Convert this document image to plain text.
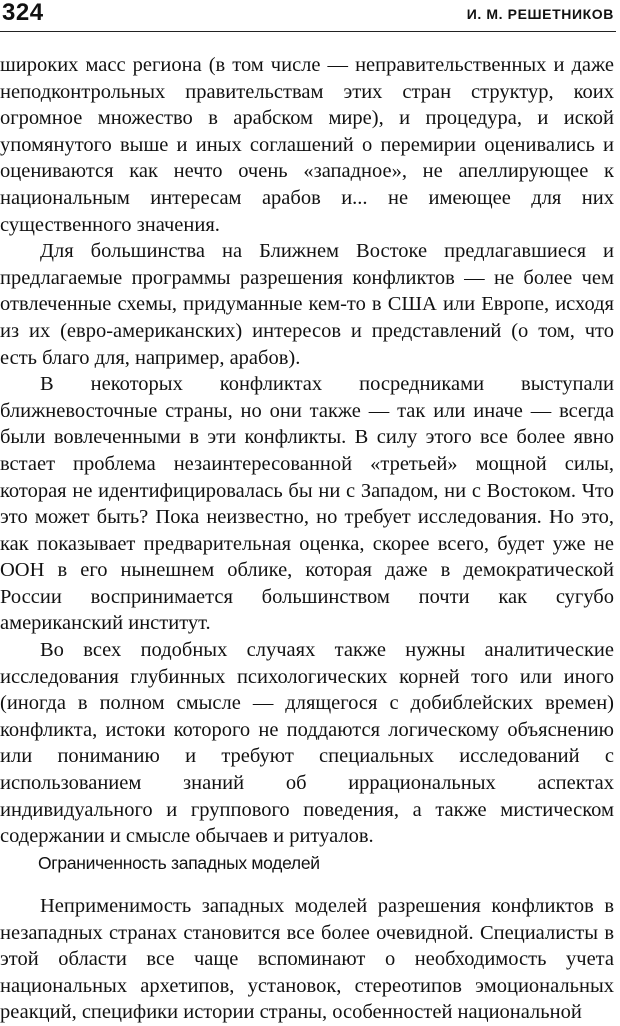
324	И. М. РЕШЕТНИКОВ

широких масс региона (в том числе — неправительственных и даже неподконтрольных правительствам этих стран структур, коих огромное множество в арабском мире), и процедура, и иской упомянутого выше и иных соглашений о перемирии оценивались и оцениваются как нечто очень «западное», не апеллирующее к национальным интересам арабов и... не имеющее для них существенного значения.

Для большинства на Ближнем Востоке предлагавшиеся и предлагаемые программы разрешения конфликтов — не более чем отвлеченные схемы, придуманные кем-то в США или Европе, исходя из их (евро-американских) интересов и представлений (о том, что есть благо для, например, арабов).

В некоторых конфликтах посредниками выступали ближневосточные страны, но они также — так или иначе — всегда были вовлеченными в эти конфликты. В силу этого все более явно встает проблема незаинтересованной «третьей» мощной силы, которая не идентифицировалась бы ни с Западом, ни с Востоком. Что это может быть? Пока неизвестно, но требует исследования. Но это, как показывает предварительная оценка, скорее всего, будет уже не ООН в его нынешнем облике, которая даже в демократической России воспринимается большинством почти как сугубо американский институт.

Во всех подобных случаях также нужны аналитические исследования глубинных психологических корней того или иного (иногда в полном смысле — длящегося с добиблейских времен) конфликта, истоки которого не поддаются логическому объяснению или пониманию и требуют специальных исследований с использованием знаний об иррациональных аспектах индивидуального и группового поведения, а также мистическом содержании и смысле обычаев и ритуалов.

Ограниченность западных моделей

Неприменимость западных моделей разрешения конфликтов в незападных странах становится все более очевидной. Специалисты в этой области все чаще вспоминают о необходимость учета национальных архетипов, установок, стереотипов эмоциональных реакций, специфики истории страны, особенностей национальной
